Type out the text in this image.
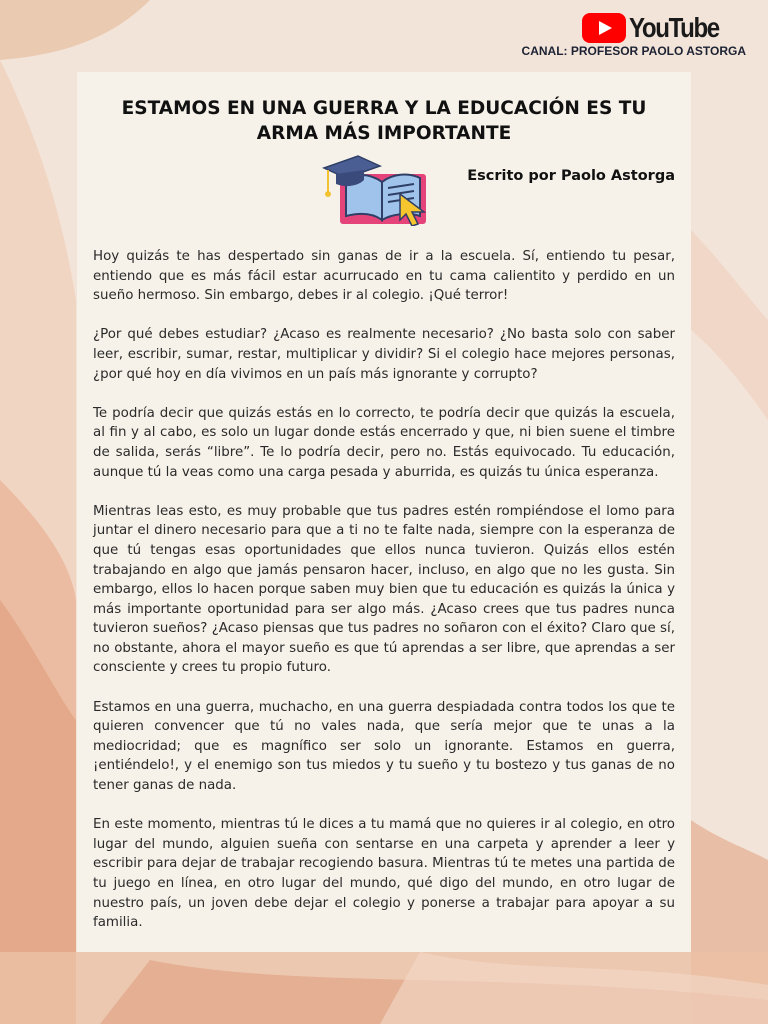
YouTube
CANAL: PROFESOR PAOLO ASTORGA
ESTAMOS EN UNA GUERRA Y LA EDUCACIÓN ES TU ARMA MÁS IMPORTANTE
Escrito por Paolo Astorga

Hoy quizás te has despertado sin ganas de ir a la escuela. Sí, entiendo tu pesar, entiendo que es más fácil estar acurrucado en tu cama calientito y perdido en un sueño hermoso. Sin embargo, debes ir al colegio. ¡Qué terror!

¿Por qué debes estudiar? ¿Acaso es realmente necesario? ¿No basta solo con saber leer, escribir, sumar, restar, multiplicar y dividir? Si el colegio hace mejores personas, ¿por qué hoy en día vivimos en un país más ignorante y corrupto?

Te podría decir que quizás estás en lo correcto, te podría decir que quizás la escuela, al fin y al cabo, es solo un lugar donde estás encerrado y que, ni bien suene el timbre de salida, serás “libre”. Te lo podría decir, pero no. Estás equivocado. Tu educación, aunque tú la veas como una carga pesada y aburrida, es quizás tu única esperanza.

Mientras leas esto, es muy probable que tus padres estén rompiéndose el lomo para juntar el dinero necesario para que a ti no te falte nada, siempre con la esperanza de que tú tengas esas oportunidades que ellos nunca tuvieron. Quizás ellos estén trabajando en algo que jamás pensaron hacer, incluso, en algo que no les gusta. Sin embargo, ellos lo hacen porque saben muy bien que tu educación es quizás la única y más importante oportunidad para ser algo más. ¿Acaso crees que tus padres nunca tuvieron sueños? ¿Acaso piensas que tus padres no soñaron con el éxito? Claro que sí, no obstante, ahora el mayor sueño es que tú aprendas a ser libre, que aprendas a ser consciente y crees tu propio futuro.

Estamos en una guerra, muchacho, en una guerra despiadada contra todos los que te quieren convencer que tú no vales nada, que sería mejor que te unas a la mediocridad; que es magnífico ser solo un ignorante. Estamos en guerra, ¡entiéndelo!, y el enemigo son tus miedos y tu sueño y tu bostezo y tus ganas de no tener ganas de nada.

En este momento, mientras tú le dices a tu mamá que no quieres ir al colegio, en otro lugar del mundo, alguien sueña con sentarse en una carpeta y aprender a leer y escribir para dejar de trabajar recogiendo basura. Mientras tú te metes una partida de tu juego en línea, en otro lugar del mundo, qué digo del mundo, en otro lugar de nuestro país, un joven debe dejar el colegio y ponerse a trabajar para apoyar a su familia.
